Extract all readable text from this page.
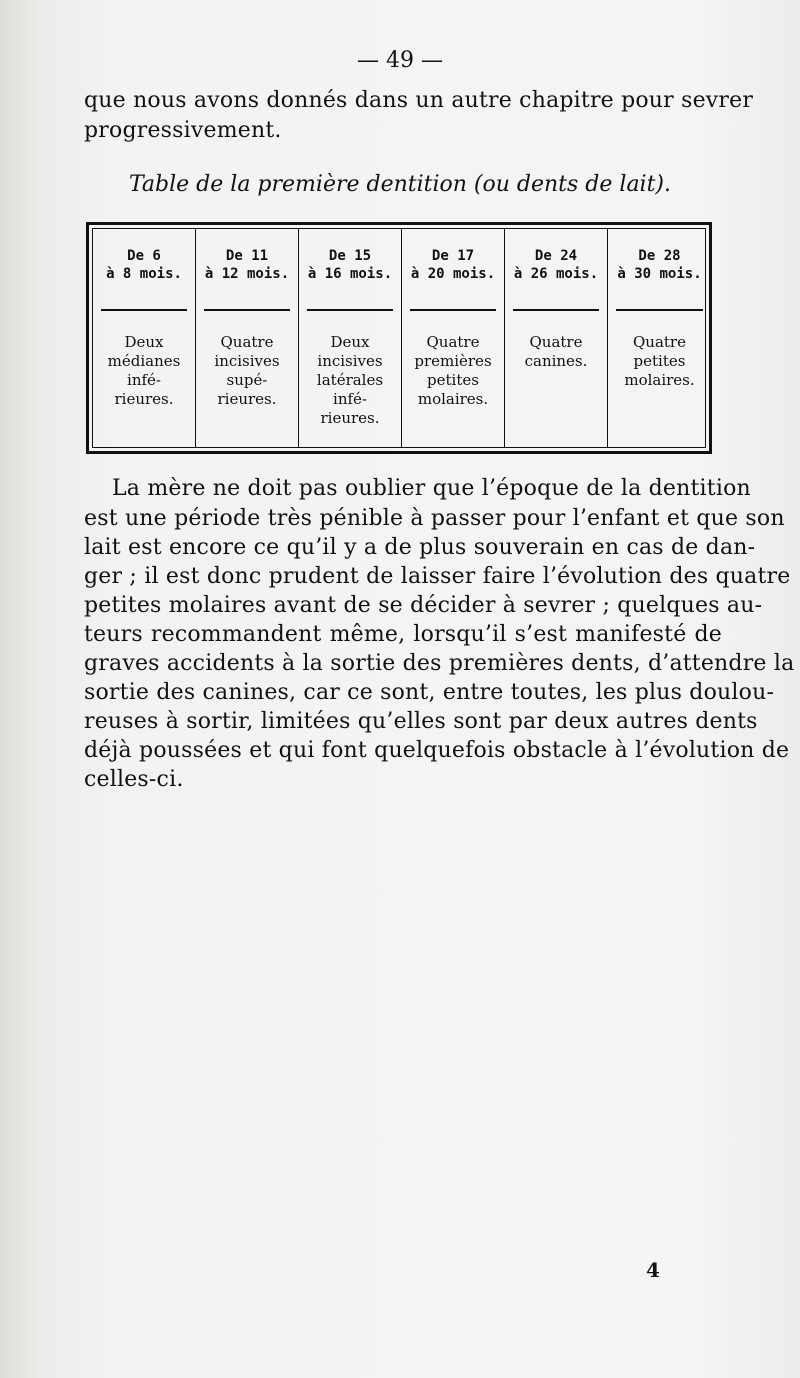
— 49 —
que nous avons donnés dans un autre chapitre pour sevrer
progressivement.
Table de la première dentition (ou dents de lait).
De 6
à 8 mois.
Deux
médianes
infé-
rieures.
De 11
à 12 mois.
Quatre
incisives
supé-
rieures.
De 15
à 16 mois.
Deux
incisives
latérales
infé-
rieures.
De 17
à 20 mois.
Quatre
premières
petites
molaires.
De 24
à 26 mois.
Quatre
canines.
De 28
à 30 mois.
Quatre
petites
molaires.
La mère ne doit pas oublier que l’époque de la dentition
est une période très pénible à passer pour l’enfant et que son
lait est encore ce qu’il y a de plus souverain en cas de dan-
ger ; il est donc prudent de laisser faire l’évolution des quatre
petites molaires avant de se décider à sevrer ; quelques au-
teurs recommandent même, lorsqu’il s’est manifesté de
graves accidents à la sortie des premières dents, d’attendre la
sortie des canines, car ce sont, entre toutes, les plus doulou-
reuses à sortir, limitées qu’elles sont par deux autres dents
déjà poussées et qui font quelquefois obstacle à l’évolution de
celles-ci.
4
